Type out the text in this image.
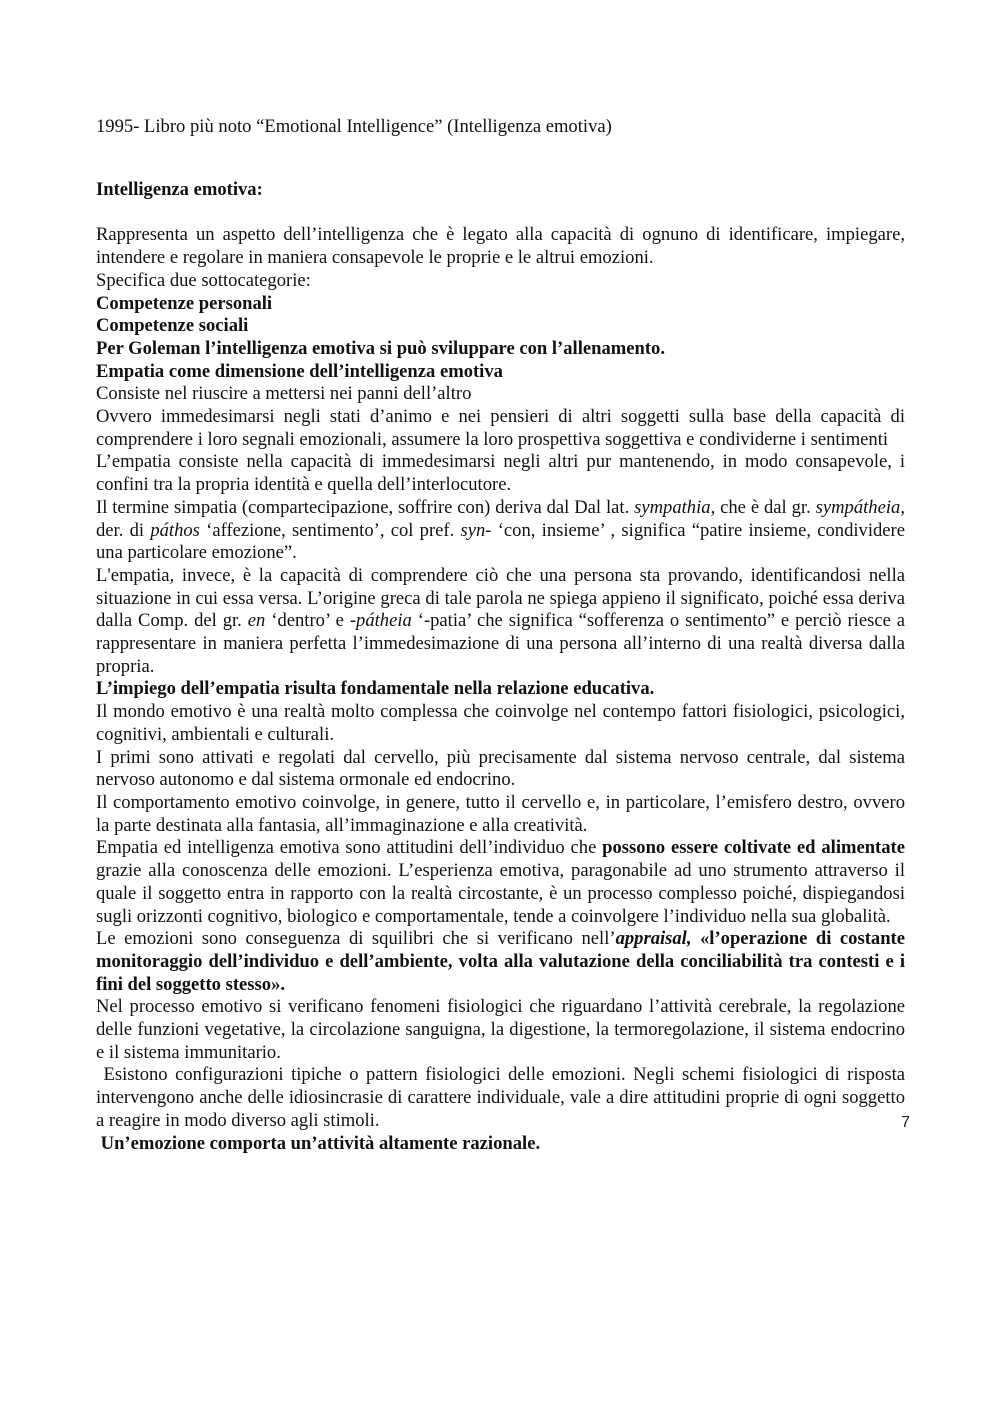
1995- Libro più noto “Emotional Intelligence” (Intelligenza emotiva)

Intelligenza emotiva:

Rappresenta un aspetto dell’intelligenza che è legato alla capacità di ognuno di identificare, impiegare, intendere e regolare in maniera consapevole le proprie e le altrui emozioni.

Specifica due sottocategorie:

Competenze personali

Competenze sociali

Per Goleman l’intelligenza emotiva si può sviluppare con l’allenamento.

Empatia come dimensione dell’intelligenza emotiva

Consiste nel riuscire a mettersi nei panni dell’altro

Ovvero immedesimarsi negli stati d’animo e nei pensieri di altri soggetti sulla base della capacità di comprendere i loro segnali emozionali, assumere la loro prospettiva soggettiva e condividerne i sentimenti

L’empatia consiste nella capacità di immedesimarsi negli altri pur mantenendo, in modo consapevole, i confini tra la propria identità e quella dell’interlocutore.

Il termine simpatia (compartecipazione, soffrire con) deriva dal Dal lat. sympathia, che è dal gr. sympátheia, der. di páthos ‘affezione, sentimento’, col pref. syn- ‘con, insieme’ , significa “patire insieme, condividere una particolare emozione”.

L'empatia, invece, è la capacità di comprendere ciò che una persona sta provando, identificandosi nella situazione in cui essa versa. L’origine greca di tale parola ne spiega appieno il significato, poiché essa deriva dalla Comp. del gr. en ‘dentro’ e -pátheia ‘-patia’ che significa “sofferenza o sentimento” e perciò riesce a rappresentare in maniera perfetta l’immedesimazione di una persona all’interno di una realtà diversa dalla propria.

L’impiego dell’empatia risulta fondamentale nella relazione educativa.

Il mondo emotivo è una realtà molto complessa che coinvolge nel contempo fattori fisiologici, psicologici, cognitivi, ambientali e culturali.

I primi sono attivati e regolati dal cervello, più precisamente dal sistema nervoso centrale, dal sistema nervoso autonomo e dal sistema ormonale ed endocrino.

Il comportamento emotivo coinvolge, in genere, tutto il cervello e, in particolare, l’emisfero destro, ovvero la parte destinata alla fantasia, all’immaginazione e alla creatività.

Empatia ed intelligenza emotiva sono attitudini dell’individuo che possono essere coltivate ed alimentate grazie alla conoscenza delle emozioni. L’esperienza emotiva, paragonabile ad uno strumento attraverso il quale il soggetto entra in rapporto con la realtà circostante, è un processo complesso poiché, dispiegandosi sugli orizzonti cognitivo, biologico e comportamentale, tende a coinvolgere l’individuo nella sua globalità.

Le emozioni sono conseguenza di squilibri che si verificano nell’appraisal, «l’operazione di costante monitoraggio dell’individuo e dell’ambiente, volta alla valutazione della conciliabilità tra contesti e i fini del soggetto stesso».

Nel processo emotivo si verificano fenomeni fisiologici che riguardano l’attività cerebrale, la regolazione delle funzioni vegetative, la circolazione sanguigna, la digestione, la termoregolazione, il sistema endocrino e il sistema immunitario.

Esistono configurazioni tipiche o pattern fisiologici delle emozioni. Negli schemi fisiologici di risposta intervengono anche delle idiosincrasie di carattere individuale, vale a dire attitudini proprie di ogni soggetto a reagire in modo diverso agli stimoli.

Un’emozione comporta un’attività altamente razionale.

7
